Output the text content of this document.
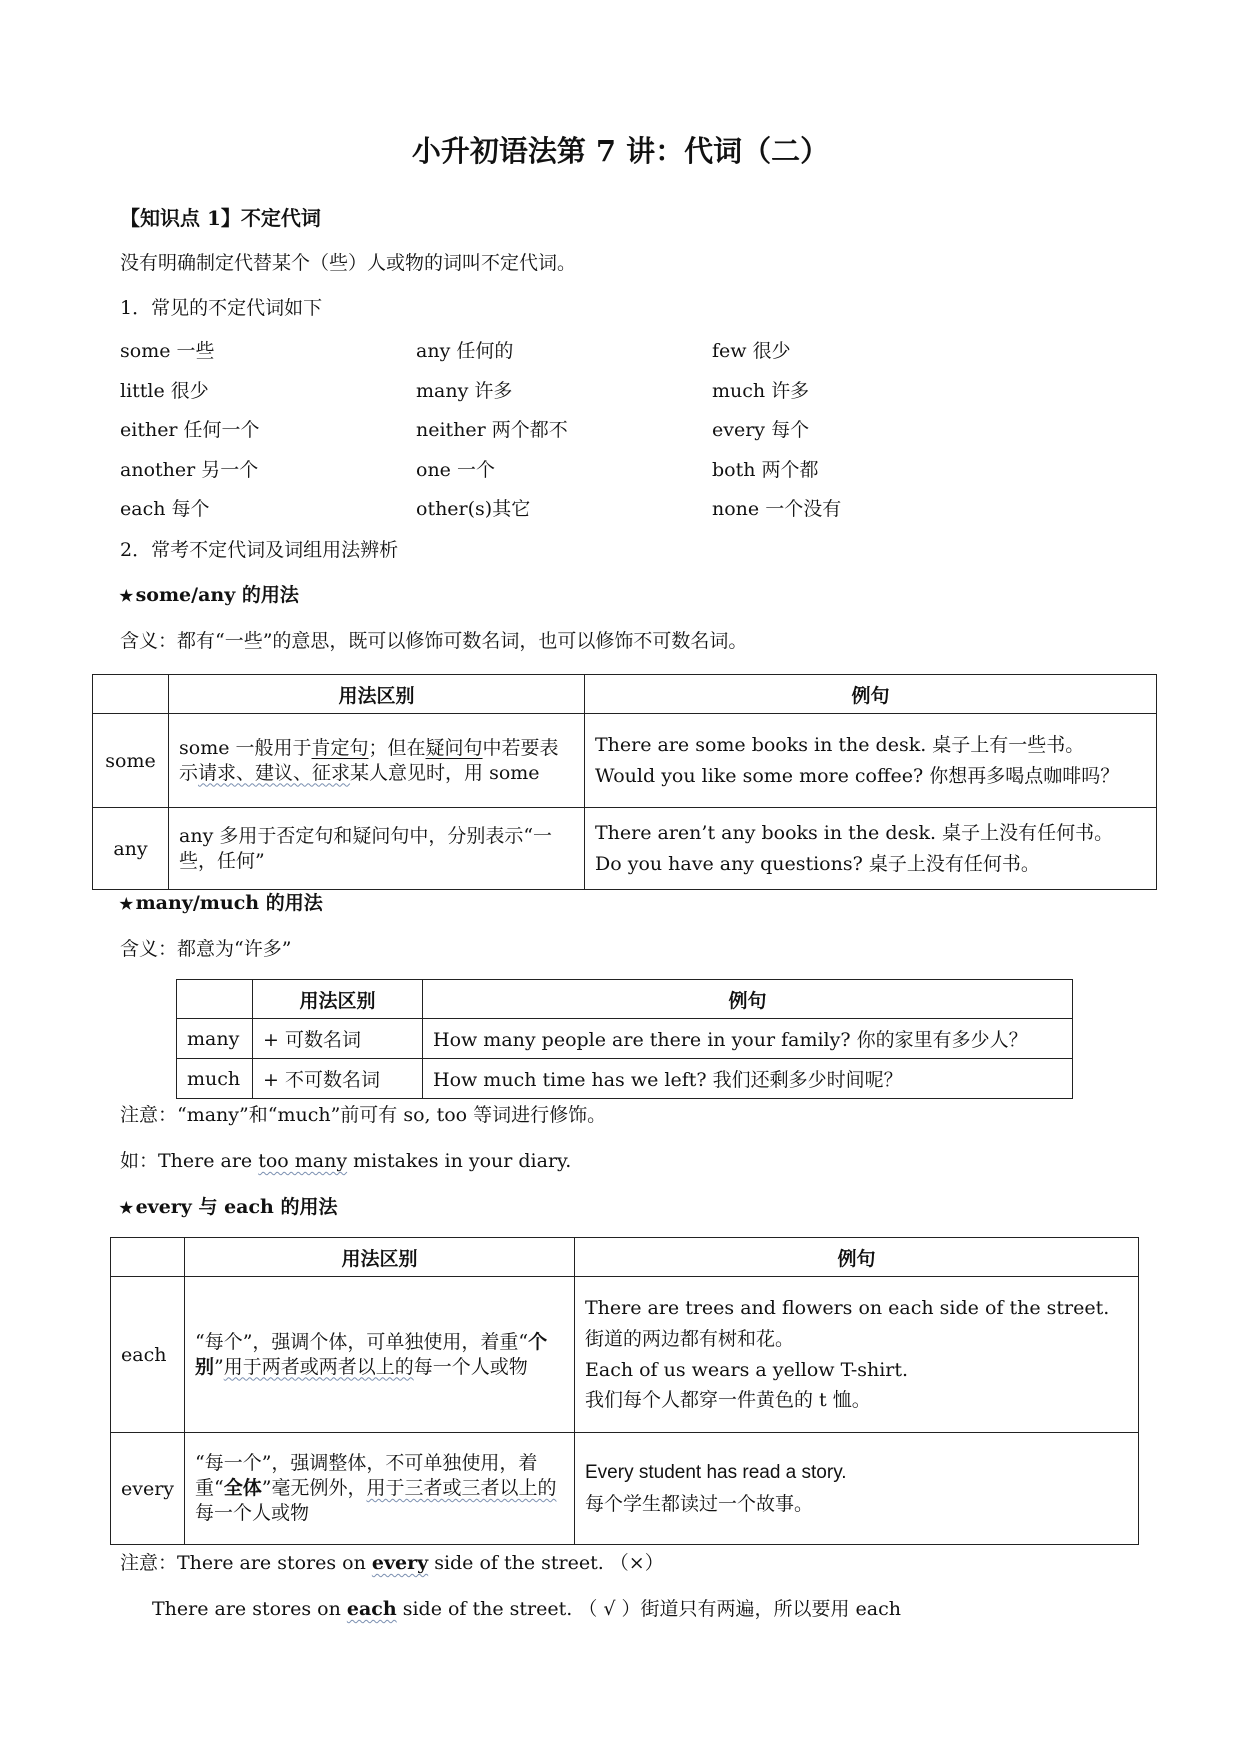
小升初语法第 7 讲：代词（二）
【知识点 1】不定代词
没有明确制定代替某个（些）人或物的词叫不定代词。
1．常见的不定代词如下
some 一些	any 任何的	few 很少
little 很少	many 许多	much 许多
either 任何一个	neither 两个都不	every 每个
another 另一个	one 一个	both 两个都
each 每个	other(s)其它	none 一个没有
2．常考不定代词及词组用法辨析
✭ some/any 的用法
含义：都有“一些”的意思，既可以修饰可数名词，也可以修饰不可数名词。
	用法区别	例句
some	some 一般用于肯定句；但在疑问句中若要表示请求、建议、征求某人意见时，用 some	There are some books in the desk. 桌子上有一些书。

Would you like some more coffee? 你想再多喝点咖啡吗？

any	any 多用于否定句和疑问句中，分别表示“一些，任何”	There aren’t any books in the desk. 桌子上没有任何书。

Do you have any questions? 桌子上没有任何书。

✭ many/much 的用法
含义：都意为“许多”
	用法区别	例句
many	+ 可数名词	How many people are there in your family? 你的家里有多少人？
much	+ 不可数名词	How much time has we left? 我们还剩多少时间呢？
注意：“many”和“much”前可有 so, too 等词进行修饰。
如：There are too many mistakes in your diary.
✭ every 与 each 的用法
	用法区别	例句
each	“每个”，强调个体，可单独使用，着重“个别”用于两者或两者以上的每一个人或物	There are trees and flowers on each side of the street.

街道的两边都有树和花。

Each of us wears a yellow T-shirt.

我们每个人都穿一件黄色的 t 恤。

every	“每一个”，强调整体，不可单独使用，着重“全体”毫无例外，用于三者或三者以上的每一个人或物	Every student has read a story.

每个学生都读过一个故事。

注意：There are stores on every side of the street. （×）
There are stores on each side of the street. （ √ ）街道只有两遍，所以要用 each
